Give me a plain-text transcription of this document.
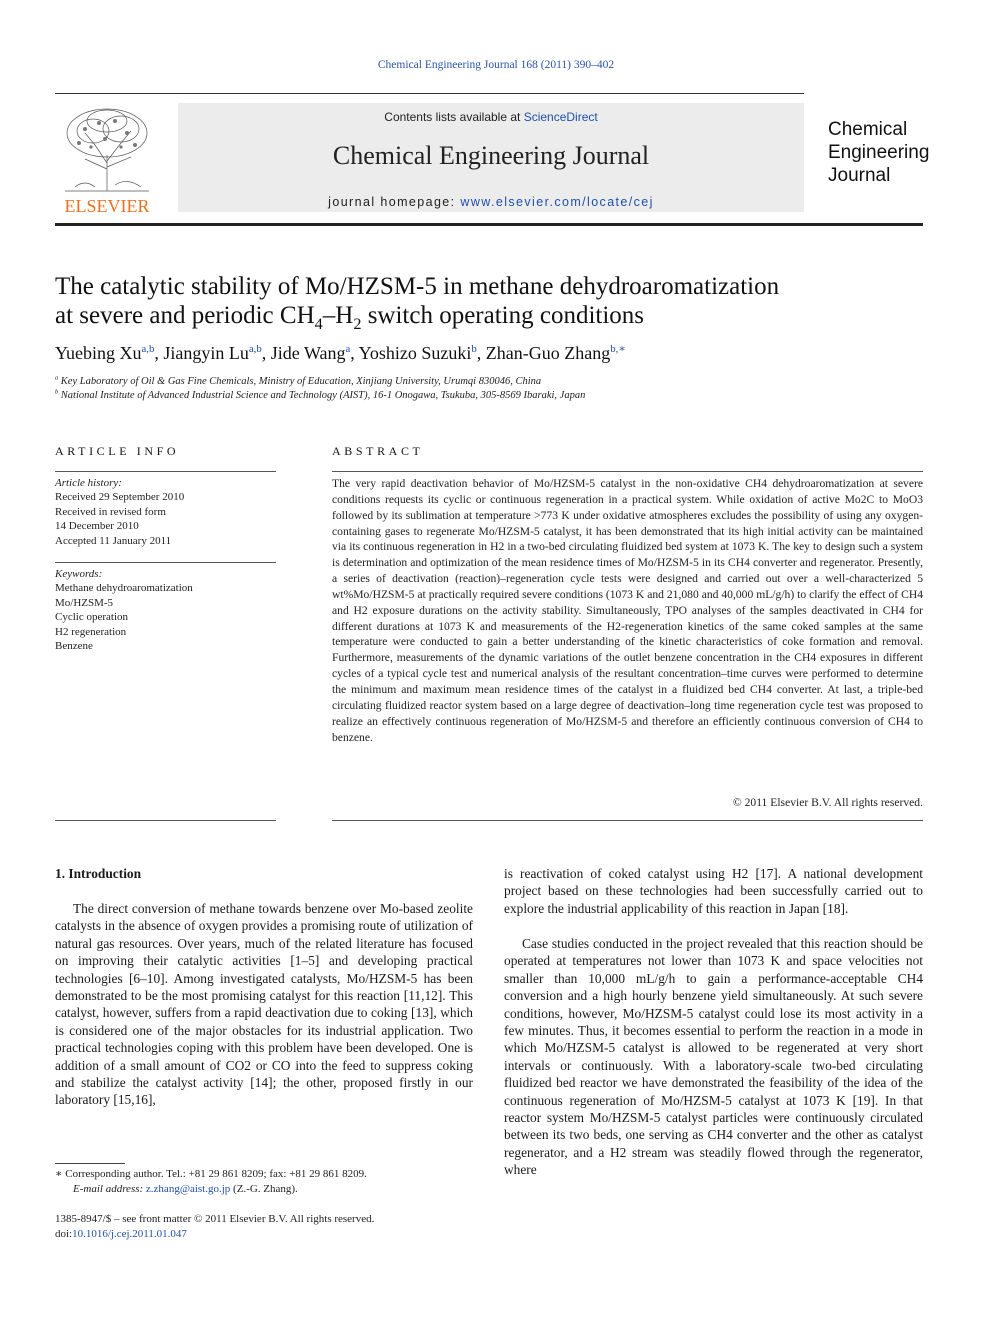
Chemical Engineering Journal 168 (2011) 390–402
ELSEVIER
Contents lists available at ScienceDirect
Chemical Engineering Journal
journal homepage: www.elsevier.com/locate/cej
Chemical
Engineering
Journal
The catalytic stability of Mo/HZSM-5 in methane dehydroaromatization
at severe and periodic $CH_4-H_2$ switch operating conditions
Yuebing Xu$^{a,b}$, Jiangyin Lu$^{a,b}$, Jide Wang$^a$, Yoshizo Suzuki$^b$, Zhan-Guo Zhang$^{b,∗}$
$^a$ Key Laboratory of Oil & Gas Fine Chemicals, Ministry of Education, Xinjiang University, Urumqi 830046, China
$^b$ National Institute of Advanced Industrial Science and Technology (AIST), 16-1 Onogawa, Tsukuba, 305-8569 Ibaraki, Japan
ARTICLE INFO	ABSTRACT
Article history:
Received 29 September 2010
Received in revised form
14 December 2010
Accepted 11 January 2011
Keywords:
Methane dehydroaromatization
Mo/HZSM-5
Cyclic operation
H2 regeneration
Benzene
The very rapid deactivation behavior of Mo/HZSM-5 catalyst in the non-oxidative CH4 dehydroaromatization at severe conditions requests its cyclic or continuous regeneration in a practical system. While oxidation of active Mo2C to MoO3 followed by its sublimation at temperature >773 K under oxidative atmospheres excludes the possibility of using any oxygen-containing gases to regenerate Mo/HZSM-5 catalyst, it has been demonstrated that its high initial activity can be maintained via its continuous regeneration in H2 in a two-bed circulating fluidized bed system at 1073 K. The key to design such a system is determination and optimization of the mean residence times of Mo/HZSM-5 in its CH4 converter and regenerator. Presently, a series of deactivation (reaction)–regeneration cycle tests were designed and carried out over a well-characterized 5 wt%Mo/HZSM-5 at practically required severe conditions (1073 K and 21,080 and 40,000 mL/g/h) to clarify the effect of CH4 and H2 exposure durations on the activity stability. Simultaneously, TPO analyses of the samples deactivated in CH4 for different durations at 1073 K and measurements of the H2-regeneration kinetics of the same coked samples at the same temperature were conducted to gain a better understanding of the kinetic characteristics of coke formation and removal. Furthermore, measurements of the dynamic variations of the outlet benzene concentration in the CH4 exposures in different cycles of a typical cycle test and numerical analysis of the resultant concentration–time curves were performed to determine the minimum and maximum mean residence times of the catalyst in a fluidized bed CH4 converter. At last, a triple-bed circulating fluidized reactor system based on a large degree of deactivation–long time regeneration cycle test was proposed to realize an effectively continuous regeneration of Mo/HZSM-5 and therefore an efficiently continuous conversion of CH4 to benzene.
© 2011 Elsevier B.V. All rights reserved.
1. Introduction
The direct conversion of methane towards benzene over Mo-based zeolite catalysts in the absence of oxygen provides a promising route of utilization of natural gas resources. Over years, much of the related literature has focused on improving their catalytic activities [1–5] and developing practical technologies [6–10]. Among investigated catalysts, Mo/HZSM-5 has been demonstrated to be the most promising catalyst for this reaction [11,12]. This catalyst, however, suffers from a rapid deactivation due to coking [13], which is considered one of the major obstacles for its industrial application. Two practical technologies coping with this problem have been developed. One is addition of a small amount of CO2 or CO into the feed to suppress coking and stabilize the catalyst activity [14]; the other, proposed firstly in our laboratory [15,16],
is reactivation of coked catalyst using H2 [17]. A national development project based on these technologies had been successfully carried out to explore the industrial applicability of this reaction in Japan [18].
Case studies conducted in the project revealed that this reaction should be operated at temperatures not lower than 1073 K and space velocities not smaller than 10,000 mL/g/h to gain a performance-acceptable CH4 conversion and a high hourly benzene yield simultaneously. At such severe conditions, however, Mo/HZSM-5 catalyst could lose its most activity in a few minutes. Thus, it becomes essential to perform the reaction in a mode in which Mo/HZSM-5 catalyst is allowed to be regenerated at very short intervals or continuously. With a laboratory-scale two-bed circulating fluidized bed reactor we have demonstrated the feasibility of the idea of the continuous regeneration of Mo/HZSM-5 catalyst at 1073 K [19]. In that reactor system Mo/HZSM-5 catalyst particles were continuously circulated between its two beds, one serving as CH4 converter and the other as catalyst regenerator, and a H2 stream was steadily flowed through the regenerator, where
∗ Corresponding author. Tel.: +81 29 861 8209; fax: +81 29 861 8209.
E-mail address: z.zhang@aist.go.jp (Z.-G. Zhang).
1385-8947/$ – see front matter © 2011 Elsevier B.V. All rights reserved.
doi:10.1016/j.cej.2011.01.047
